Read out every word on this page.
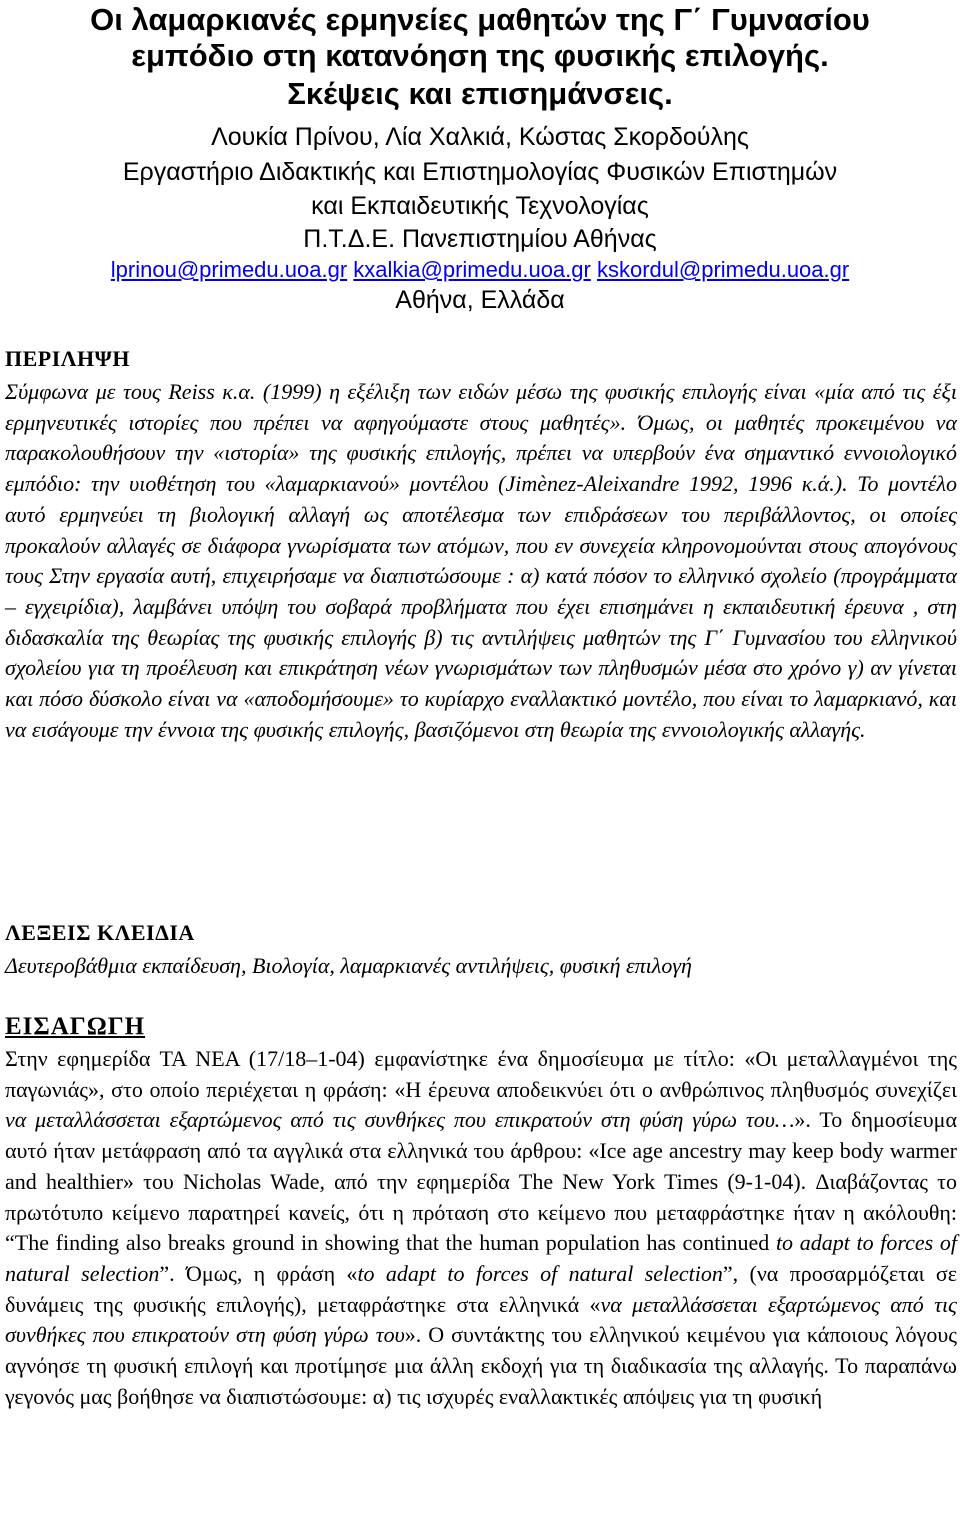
Οι λαμαρκιανές ερμηνείες μαθητών της Γ΄ Γυμνασίου
εμπόδιο στη κατανόηση της φυσικής επιλογής.
Σκέψεις και επισημάνσεις.
Λουκία Πρίνου, Λία Χαλκιά, Κώστας Σκορδούλης
Εργαστήριο Διδακτικής και Επιστημολογίας Φυσικών Επιστημών
και Εκπαιδευτικής Τεχνολογίας
Π.Τ.Δ.Ε. Πανεπιστημίου Αθήνας
lprinou@primedu.uoa.gr kxalkia@primedu.uoa.gr kskordul@primedu.uoa.gr
Αθήνα, Ελλάδα
ΠΕΡΙΛΗΨΗ
Σύμφωνα με τους Reiss κ.α. (1999) η εξέλιξη των ειδών μέσω της φυσικής επιλογής είναι «μία από τις έξι ερμηνευτικές ιστορίες που πρέπει να αφηγούμαστε στους μαθητές». Όμως, οι μαθητές προκειμένου να παρακολουθήσουν την «ιστορία» της φυσικής επιλογής, πρέπει να υπερβούν ένα σημαντικό εννοιολογικό εμπόδιο: την υιοθέτηση του «λαμαρκιανού» μοντέλου (Jimènez-Aleixandre 1992, 1996 κ.ά.). Το μοντέλο αυτό ερμηνεύει τη βιολογική αλλαγή ως αποτέλεσμα των επιδράσεων του περιβάλλοντος, οι οποίες προκαλούν αλλαγές σε διάφορα γνωρίσματα των ατόμων, που εν συνεχεία κληρονομούνται στους απογόνους τους Στην εργασία αυτή, επιχειρήσαμε να διαπιστώσουμε : α) κατά πόσον το ελληνικό σχολείο (προγράμματα – εγχειρίδια), λαμβάνει υπόψη του σοβαρά προβλήματα που έχει επισημάνει η εκπαιδευτική έρευνα , στη διδασκαλία της θεωρίας της φυσικής επιλογής β) τις αντιλήψεις μαθητών της Γ΄ Γυμνασίου του ελληνικού σχολείου για τη προέλευση και επικράτηση νέων γνωρισμάτων των πληθυσμών μέσα στο χρόνο γ) αν γίνεται και πόσο δύσκολο είναι να «αποδομήσουμε» το κυρίαρχο εναλλακτικό μοντέλο, που είναι το λαμαρκιανό, και να εισάγουμε την έννοια της φυσικής επιλογής, βασιζόμενοι στη θεωρία της εννοιολογικής αλλαγής.
ΛΕΞΕΙΣ ΚΛΕΙΔΙΑ
Δευτεροβάθμια εκπαίδευση, Βιολογία, λαμαρκιανές αντιλήψεις, φυσική επιλογή
ΕΙΣΑΓΩΓΗ
Στην εφημερίδα ΤΑ ΝΕΑ (17/18–1-04) εμφανίστηκε ένα δημοσίευμα με τίτλο: «Οι μεταλλαγμένοι της παγωνιάς», στο οποίο περιέχεται η φράση: «Η έρευνα αποδεικνύει ότι ο ανθρώπινος πληθυσμός συνεχίζει να μεταλλάσσεται εξαρτώμενος από τις συνθήκες που επικρατούν στη φύση γύρω του…». Το δημοσίευμα αυτό ήταν μετάφραση από τα αγγλικά στα ελληνικά του άρθρου: «Ice age ancestry may keep body warmer and healthier» του Nicholas Wade, από την εφημερίδα The New York Times (9-1-04). Διαβάζοντας το πρωτότυπο κείμενο παρατηρεί κανείς, ότι η πρόταση στο κείμενο που μεταφράστηκε ήταν η ακόλουθη: “The finding also breaks ground in showing that the human population has continued to adapt to forces of natural selection”. Όμως, η φράση «to adapt to forces of natural selection”, (να προσαρμόζεται σε δυνάμεις της φυσικής επιλογής), μεταφράστηκε στα ελληνικά «να μεταλλάσσεται εξαρτώμενος από τις συνθήκες που επικρατούν στη φύση γύρω του». Ο συντάκτης του ελληνικού κειμένου για κάποιους λόγους αγνόησε τη φυσική επιλογή και προτίμησε μια άλλη εκδοχή για τη διαδικασία της αλλαγής. Το παραπάνω γεγονός μας βοήθησε να διαπιστώσουμε: α) τις ισχυρές εναλλακτικές απόψεις για τη φυσική
